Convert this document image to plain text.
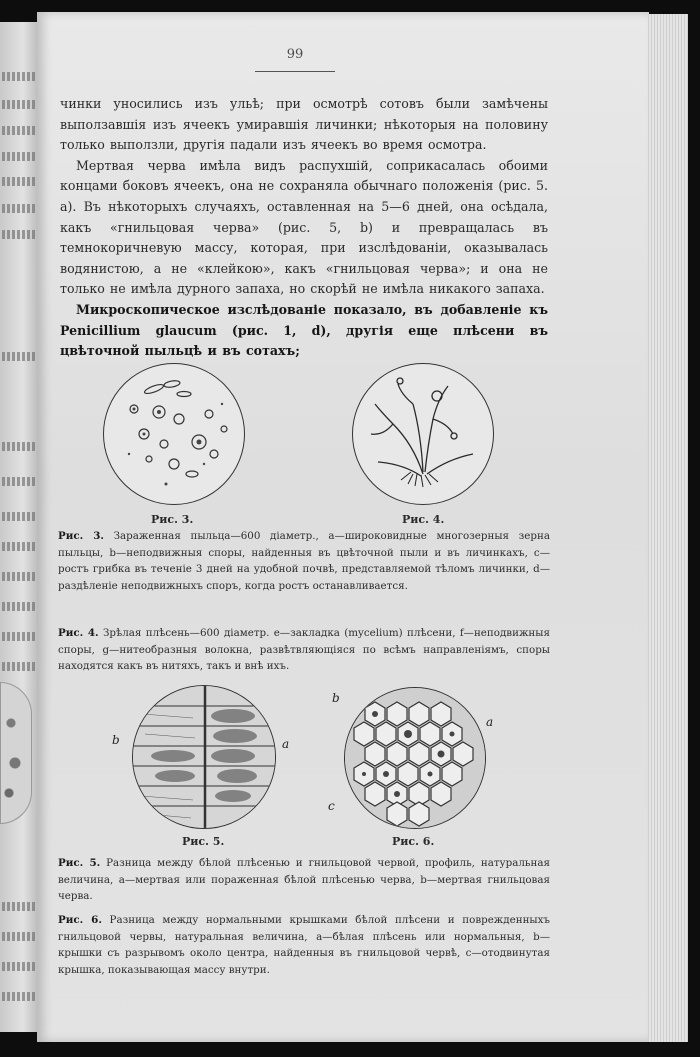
99

чинки уносились изъ ульѣ; при осмотрѣ сотовъ были замѣчены выползавшія изъ ячеекъ умиравшія личинки; нѣкоторыя на половину только выползли, другія падали изъ ячеекъ во время осмотра.

Мертвая черва имѣла видъ распухшій, соприкасалась обоими концами боковъ ячеекъ, она не сохраняла обычнаго положенія (рис. 5. a). Въ нѣкоторыхъ случаяхъ, оставленная на 5—6 дней, она осѣдала, какъ «гнильцовая черва» (рис. 5, b) и превращалась въ темнокоричневую массу, которая, при изслѣдованіи, оказывалась водянистою, а не «клейкою», какъ «гнильцовая черва»; и она не только не имѣла дурного запаха, но скорѣй не имѣла никакого запаха.

Микроскопическое изслѣдованіе показало, въ добавленіе къ Penicillium glaucum (рис. 1, d), другія еще плѣсени въ цвѣточной пыльцѣ и въ сотахъ;

Рис. 3.	Рис. 4.
Рис. 3. Зараженная пыльца—600 діаметр., a—широковидные многозерныя зерна пыльцы, b—неподвижныя споры, найденныя въ цвѣточной пыли и въ личинкахъ, c—ростъ грибка въ теченіе 3 дней на удобной почвѣ, представляемой тѣломъ личинки, d—раздѣленіе неподвижныхъ споръ, когда ростъ останавливается.
Рис. 4. Зрѣлая плѣсень—600 діаметр. e—закладка (mycelium) плѣсени, f—неподвижныя споры, g—нитеобразныя волокна, развѣтвляющіяся по всѣмъ направленіямъ, споры находятся какъ въ нитяхъ, такъ и внѣ ихъ.
b	a
Рис. 5.
b
a
c
Рис. 6.
Рис. 5. Разница между бѣлой плѣсенью и гнильцовой червой, профиль, натуральная величина, a—мертвая или пораженная бѣлой плѣсенью черва, b—мертвая гнильцовая черва.
Рис. 6. Разница между нормальными крышками бѣлой плѣсени и поврежденныхъ гнильцовой червы, натуральная величина, a—бѣлая плѣсень или нормальныя, b—крышки съ разрывомъ около центра, найденныя въ гнильцовой червѣ, c—отодвинутая крышка, показывающая массу внутри.
